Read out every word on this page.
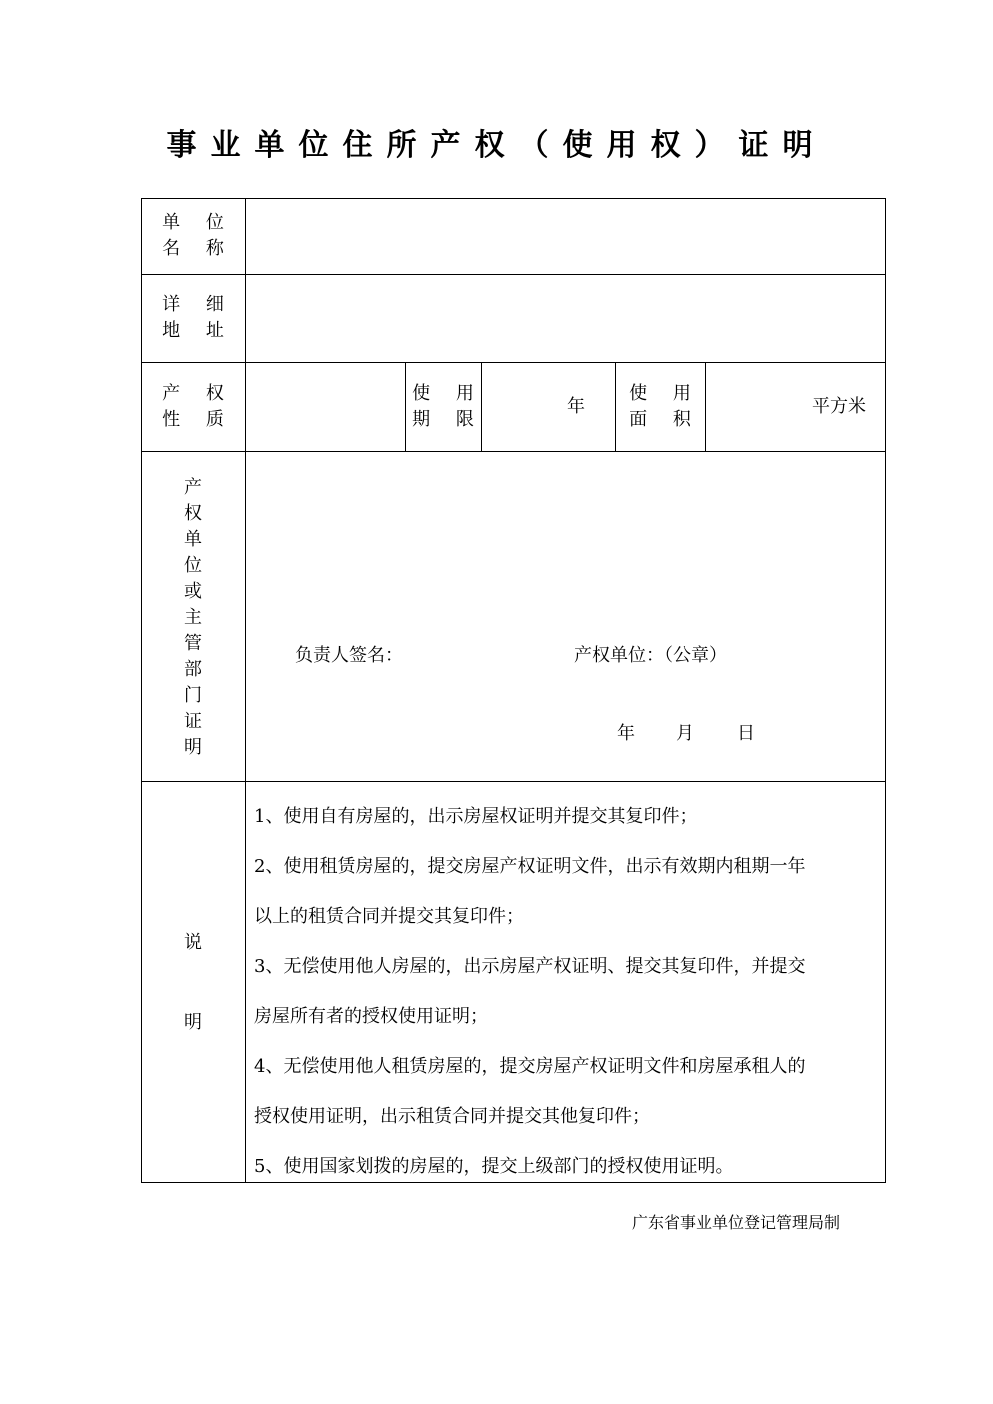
事业单位住所产权（使用权）证明
单 位
名 称
详 细
地 址
产 权
性 质
使 用
期 限
年
使 用
面 积
平方米
产权单位或主管部门证明
负责人签名：	产权单位：（公章）
年 月 日
说
明

1、使用自有房屋的，出示房屋权证明并提交其复印件；

2、使用租赁房屋的，提交房屋产权证明文件，出示有效期内租期一年

以上的租赁合同并提交其复印件；

3、无偿使用他人房屋的，出示房屋产权证明、提交其复印件，并提交

房屋所有者的授权使用证明；

4、无偿使用他人租赁房屋的，提交房屋产权证明文件和房屋承租人的

授权使用证明，出示租赁合同并提交其他复印件；

5、使用国家划拨的房屋的，提交上级部门的授权使用证明。

广东省事业单位登记管理局制
